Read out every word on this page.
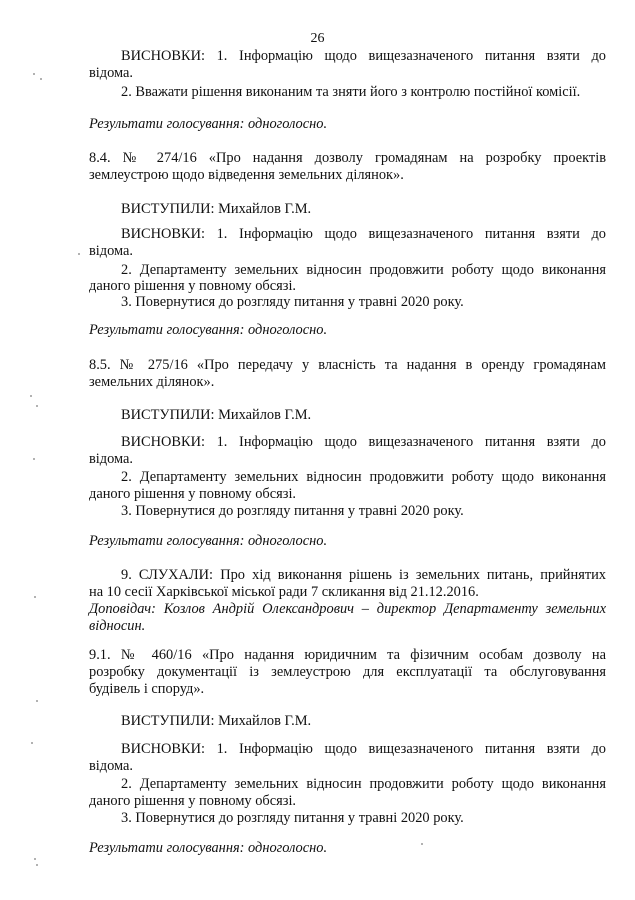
26
ВИСНОВКИ: 1. Інформацію щодо вищезазначеного питання взяти до
відома.
2. Вважати рішення виконаним та зняти його з контролю постійної комісії.
Результати голосування: одноголосно.
8.4. № 274/16 «Про надання дозволу громадянам на розробку проектів
землеустрою щодо відведення земельних ділянок».
ВИСТУПИЛИ: Михайлов Г.М.
ВИСНОВКИ: 1. Інформацію щодо вищезазначеного питання взяти до
відома.
2. Департаменту земельних відносин продовжити роботу щодо виконання
даного рішення у повному обсязі.
3. Повернутися до розгляду питання у травні 2020 року.
Результати голосування: одноголосно.
8.5. № 275/16 «Про передачу у власність та надання в оренду громадянам
земельних ділянок».
ВИСТУПИЛИ: Михайлов Г.М.
ВИСНОВКИ: 1. Інформацію щодо вищезазначеного питання взяти до
відома.
2. Департаменту земельних відносин продовжити роботу щодо виконання
даного рішення у повному обсязі.
3. Повернутися до розгляду питання у травні 2020 року.
Результати голосування: одноголосно.
9. СЛУХАЛИ: Про хід виконання рішень із земельних питань, прийнятих
на 10 сесії Харківської міської ради 7 скликання від 21.12.2016.
Доповідач: Козлов Андрій Олександрович – директор Департаменту земельних
відносин.
9.1. № 460/16 «Про надання юридичним та фізичним особам дозволу на
розробку документації із землеустрою для експлуатації та обслуговування
будівель і споруд».
ВИСТУПИЛИ: Михайлов Г.М.
ВИСНОВКИ: 1. Інформацію щодо вищезазначеного питання взяти до
відома.
2. Департаменту земельних відносин продовжити роботу щодо виконання
даного рішення у повному обсязі.
3. Повернутися до розгляду питання у травні 2020 року.
Результати голосування: одноголосно.
